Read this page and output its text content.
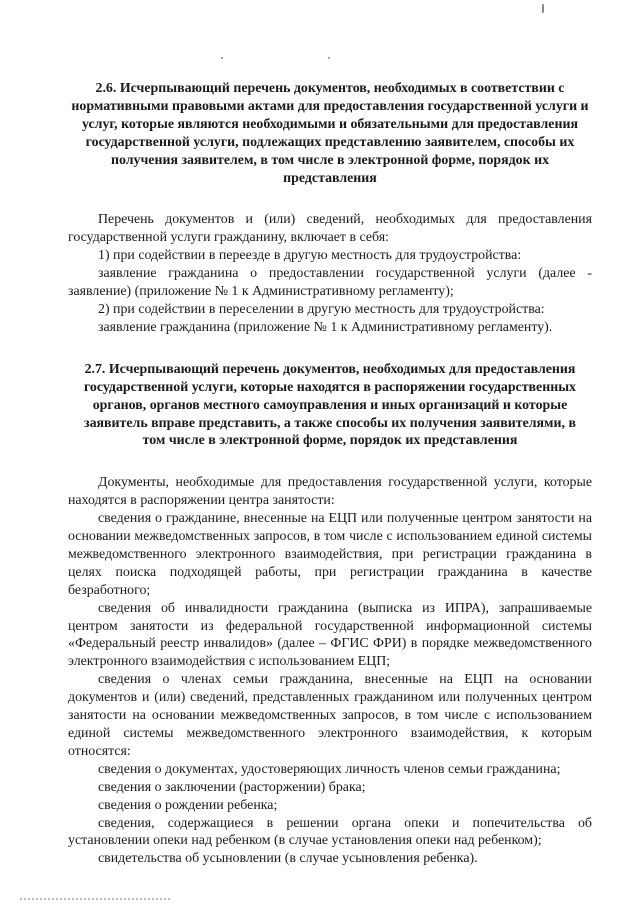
2.6. Исчерпывающий перечень документов, необходимых в соответствии с нормативными правовыми актами для предоставления государственной услуги и услуг, которые являются необходимыми и обязательными для предоставления государственной услуги, подлежащих представлению заявителем, способы их получения заявителем, в том числе в электронной форме, порядок их представления

Перечень документов и (или) сведений, необходимых для предоставления государственной услуги гражданину, включает в себя:

1) при содействии в переезде в другую местность для трудоустройства:

заявление гражданина о предоставлении государственной услуги (далее - заявление) (приложение № 1 к Административному регламенту);

2) при содействии в переселении в другую местность для трудоустройства:

заявление гражданина (приложение № 1 к Административному регламенту).

2.7. Исчерпывающий перечень документов, необходимых для предоставления государственной услуги, которые находятся в распоряжении государственных органов, органов местного самоуправления и иных организаций и которые заявитель вправе представить, а также способы их получения заявителями, в том числе в электронной форме, порядок их представления

Документы, необходимые для предоставления государственной услуги, которые находятся в распоряжении центра занятости:

сведения о гражданине, внесенные на ЕЦП или полученные центром занятости на основании межведомственных запросов, в том числе с использованием единой системы межведомственного электронного взаимодействия, при регистрации гражданина в целях поиска подходящей работы, при регистрации гражданина в качестве безработного;

сведения об инвалидности гражданина (выписка из ИПРА), запрашиваемые центром занятости из федеральной государственной информационной системы «Федеральный реестр инвалидов» (далее – ФГИС ФРИ) в порядке межведомственного электронного взаимодействия с использованием ЕЦП;

сведения о членах семьи гражданина, внесенные на ЕЦП на основании документов и (или) сведений, представленных гражданином или полученных центром занятости на основании межведомственных запросов, в том числе с использованием единой системы межведомственного электронного взаимодействия, к которым относятся:

сведения о документах, удостоверяющих личность членов семьи гражданина;

сведения о заключении (расторжении) брака;

сведения о рождении ребенка;

сведения, содержащиеся в решении органа опеки и попечительства об установлении опеки над ребенком (в случае установления опеки над ребенком);

свидетельства об усыновлении (в случае усыновления ребенка).
